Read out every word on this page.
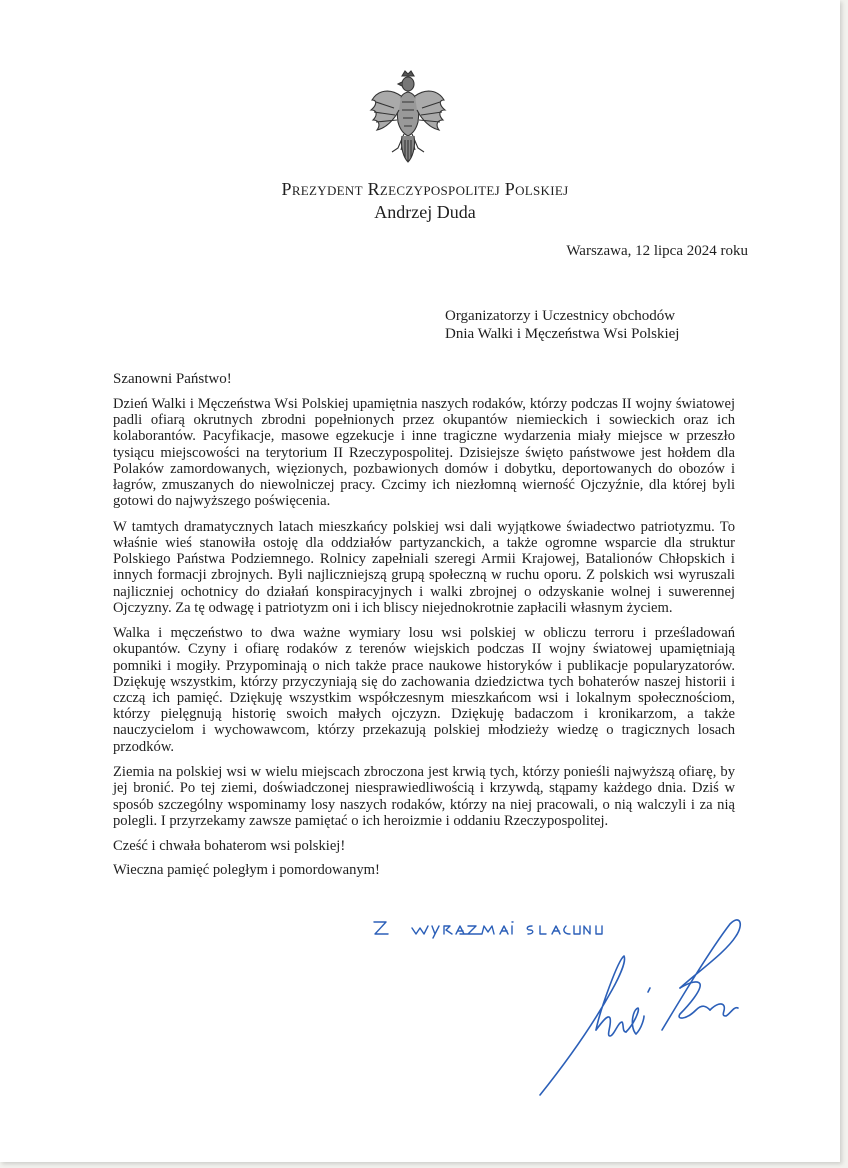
Prezydent Rzeczypospolitej Polskiej
Andrzej Duda
Warszawa, 12 lipca 2024 roku
Organizatorzy i Uczestnicy obchodów
Dnia Walki i Męczeństwa Wsi Polskiej
Szanowni Państwo!

Dzień Walki i Męczeństwa Wsi Polskiej upamiętnia naszych rodaków, którzy podczas II wojny światowej padli ofiarą okrutnych zbrodni popełnionych przez okupantów niemieckich i sowieckich oraz ich kolaborantów. Pacyfikacje, masowe egzekucje i inne tragiczne wydarzenia miały miejsce w przeszło tysiącu miejscowości na terytorium II Rzeczypospolitej. Dzisiejsze święto państwowe jest hołdem dla Polaków zamordowanych, więzionych, pozbawionych domów i dobytku, deportowanych do obozów i łagrów, zmuszanych do niewolniczej pracy. Czcimy ich niezłomną wierność Ojczyźnie, dla której byli gotowi do najwyższego poświęcenia.

W tamtych dramatycznych latach mieszkańcy polskiej wsi dali wyjątkowe świadectwo patriotyzmu. To właśnie wieś stanowiła ostoję dla oddziałów partyzanckich, a także ogromne wsparcie dla struktur Polskiego Państwa Podziemnego. Rolnicy zapełniali szeregi Armii Krajowej, Batalionów Chłopskich i innych formacji zbrojnych. Byli najliczniejszą grupą społeczną w ruchu oporu. Z polskich wsi wyruszali najliczniej ochotnicy do działań konspiracyjnych i walki zbrojnej o odzyskanie wolnej i suwerennej Ojczyzny. Za tę odwagę i patriotyzm oni i ich bliscy niejednokrotnie zapłacili własnym życiem.

Walka i męczeństwo to dwa ważne wymiary losu wsi polskiej w obliczu terroru i prześladowań okupantów. Czyny i ofiarę rodaków z terenów wiejskich podczas II wojny światowej upamiętniają pomniki i mogiły. Przypominają o nich także prace naukowe historyków i publikacje popularyzatorów. Dziękuję wszystkim, którzy przyczyniają się do zachowania dziedzictwa tych bohaterów naszej historii i czczą ich pamięć. Dziękuję wszystkim współczesnym mieszkańcom wsi i lokalnym społecznościom, którzy pielęgnują historię swoich małych ojczyzn. Dziękuję badaczom i kronikarzom, a także nauczycielom i wychowawcom, którzy przekazują polskiej młodzieży wiedzę o tragicznych losach przodków.

Ziemia na polskiej wsi w wielu miejscach zbroczona jest krwią tych, którzy ponieśli najwyższą ofiarę, by jej bronić. Po tej ziemi, doświadczonej niesprawiedliwością i krzywdą, stąpamy każdego dnia. Dziś w sposób szczególny wspominamy losy naszych rodaków, którzy na niej pracowali, o nią walczyli i za nią polegli. I przyrzekamy zawsze pamiętać o ich heroizmie i oddaniu Rzeczypospolitej.

Cześć i chwała bohaterom wsi polskiej!

Wieczna pamięć poległym i pomordowanym!
